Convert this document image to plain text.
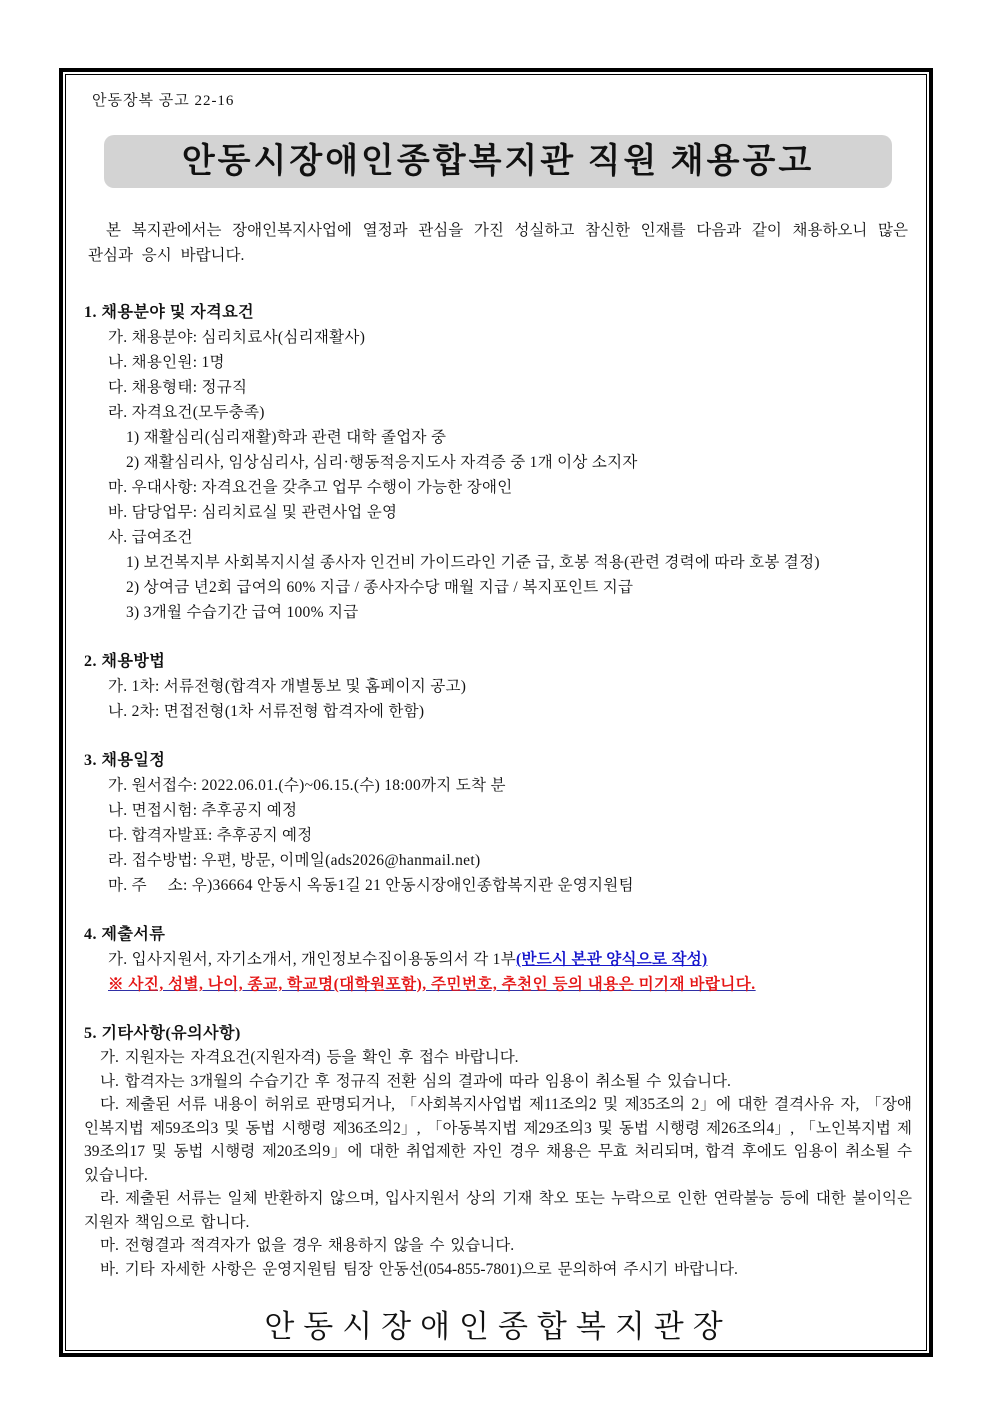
안동장복 공고 22-16
안동시장애인종합복지관 직원 채용공고

본 복지관에서는 장애인복지사업에 열정과 관심을 가진 성실하고 참신한 인재를 다음과 같이 채용하오니 많은 관심과 응시 바랍니다.

1. 채용분야 및 자격요건
가. 채용분야: 심리치료사(심리재활사)
나. 채용인원: 1명
다. 채용형태: 정규직
라. 자격요건(모두충족)
1) 재활심리(심리재활)학과 관련 대학 졸업자 중
2) 재활심리사, 임상심리사, 심리·행동적응지도사 자격증 중 1개 이상 소지자
마. 우대사항: 자격요건을 갖추고 업무 수행이 가능한 장애인
바. 담당업무: 심리치료실 및 관련사업 운영
사. 급여조건
1) 보건복지부 사회복지시설 종사자 인건비 가이드라인 기준 급, 호봉 적용(관련 경력에 따라 호봉 결정)
2) 상여금 년2회 급여의 60% 지급 / 종사자수당 매월 지급 / 복지포인트 지급
3) 3개월 수습기간 급여 100% 지급
2. 채용방법
가. 1차: 서류전형(합격자 개별통보 및 홈페이지 공고)
나. 2차: 면접전형(1차 서류전형 합격자에 한함)
3. 채용일정
가. 원서접수: 2022.06.01.(수)~06.15.(수) 18:00까지 도착 분
나. 면접시험: 추후공지 예정
다. 합격자발표: 추후공지 예정
라. 접수방법: 우편, 방문, 이메일(ads2026@hanmail.net)
마. 주     소: 우)36664 안동시 옥동1길 21 안동시장애인종합복지관 운영지원팀
4. 제출서류
가. 입사지원서, 자기소개서, 개인정보수집이용동의서 각 1부(반드시 본관 양식으로 작성)
※ 사진, 성별, 나이, 종교, 학교명(대학원포함), 주민번호, 추천인 등의 내용은 미기재 바랍니다.
5. 기타사항(유의사항)
가. 지원자는 자격요건(지원자격) 등을 확인 후 접수 바랍니다.
나. 합격자는 3개월의 수습기간 후 정규직 전환 심의 결과에 따라 임용이 취소될 수 있습니다.
다. 제출된 서류 내용이 허위로 판명되거나, 「사회복지사업법 제11조의2 및 제35조의 2」에 대한 결격사유 자, 「장애인복지법 제59조의3 및 동법 시행령 제36조의2」, 「아동복지법 제29조의3 및 동법 시행령 제26조의4」, 「노인복지법 제39조의17 및 동법 시행령 제20조의9」에 대한 취업제한 자인 경우 채용은 무효 처리되며, 합격 후에도 임용이 취소될 수 있습니다.
라. 제출된 서류는 일체 반환하지 않으며, 입사지원서 상의 기재 착오 또는 누락으로 인한 연락불능 등에 대한 불이익은 지원자 책임으로 합니다.
마. 전형결과 적격자가 없을 경우 채용하지 않을 수 있습니다.
바. 기타 자세한 사항은 운영지원팀 팀장 안동선(054-855-7801)으로 문의하여 주시기 바랍니다.
안동시장애인종합복지관장
